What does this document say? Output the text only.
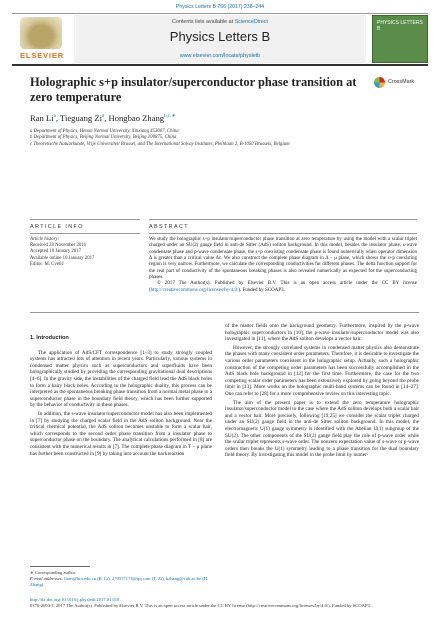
Physics Letters B 766 (2017) 238–244
ELSEVIER
Contents lists available at ScienceDirect
Physics Letters B
www.elsevier.com/locate/physletb
PHYSICS LETTERS B
Holographic s+p insulator/superconductor phase transition at zero temperature
CrossMark
Ran Li$^a$, Tieguang Zi$^a$, Hongbao Zhang$^{b,c,∗}$
a Department of Physics, Henan Normal University, Xinxiang 453007, China
b Department of Physics, Beijing Normal University, Beijing 100875, China
c Theoretische Natuurkunde, Vrije Universiteit Brussel, and The International Solvay Institutes, Pleinlaan 2, B-1050 Brussels, Belgium
ARTICLE INFO	ABSTRACT
Article history:
Received 28 November 2016
Accepted 10 January 2017
Available online 10 January 2017
Editor: M. Cvetič
We study the holographic s+p insulator/superconductor phase transition at zero temperature by using the model with a scalar triplet charged under an SU(2) gauge field in anti-de Sitter (AdS) soliton background. In this model, besides the insulator phase, s-wave condensate phase and p-wave condensate phase, the s+p coexisting condensate phase is found numerically when operator dimension Δ is greater than a critical value Δc. We also construct the complete phase diagram in Δ − μ plane, which shows the s+p coexisting region is very narrow. Furthermore, we calculate the corresponding conductivities for different phases. The delta function support for the real part of conductivity of the spontaneous breaking phases is also revealed numerically as expected for the superconducting phases.
© 2017 The Author(s). Published by Elsevier B.V. This is an open access article under the CC BY license (http://creativecommons.org/licenses/by/4.0/). Funded by SCOAP3.
1. Introduction

The application of AdS/CFT correspondence [1–3] to study strongly coupled systems has attracted lots of attention in recent years. Particularly, various systems in condensed matter physics such as superconductors and superfluids have been holographically studied by providing the corresponding gravitational dual descriptions [4–6]. In the gravity side, the instabilities of the charged field lead the AdS black holes to form a hairy black holes. According to the holographic duality, this process can be interpreted as the spontaneous breaking phase transition from a normal metal phase to a superconductor phase in the boundary field theory, which has been further supported by the behavior of conductivity in these phases.

In addition, the s-wave insulator/superconductor model has also been implemented in [7] by studying the charged scalar field in the AdS soliton background. Near the critical chemical potential, the AdS soliton becomes unstable to form a scalar hair, which corresponds to the second order phase transition from a insulator phase to superconductor phase on the boundary. The analytical calculations performed in [8] are consistent with the numerical results in [7]. The complete phase diagram in T − μ plane has further been constructed in [9] by taking into account the backreaction

of the matter fields onto the background geometry. Furthermore, inspired by the p-wave holographic superconductors in [10], the p-wave insulator/superconductor model was also investigated in [11], where the AdS soliton develops a vector hair.

However, the strongly correlated systems in condensed matter physics also demonstrate the phases with many coexistent order parameters. Therefore, it is desirable to investigate the various order parameters coexistent in the holographic setup. Actually, such a holographic construction of the competing order parameters has been successfully accomplished in the AdS black hole background in [12] for the first time. Furthermore, the case for the two competing scalar order parameters has been extensively explored by going beyond the probe limit in [13]. More works on the holographic multi-band systems can be found in [14–27]. One can refer to [28] for a more comprehensive review on this interesting topic.

The aim of the present paper is to extend the zero temperature holographic insulator/superconductor model to the case where the AdS soliton develops both a scalar hair and a vector hair. More precisely, following [19,25] we consider the scalar triplet charged under an SU(2) gauge field in the anti-de Sitter soliton background. In this model, the electromagnetic U(1) gauge symmetry is identified with the Abelian U(1) subgroup of the SU(2). The other components of the SU(2) gauge field play the role of p-wave order while the scalar triplet represents s-wave order. The nonzero expectation value of s-wave or p-wave orders then breaks the U(1) symmetry leading to a phase transition for the dual boundary field theory. By investigating this model in the probe limit by numer-

∗ Corresponding author.
E-mail addresses: liran@htu.edu.cn (R. Li), 270557174@qq.com (T. Zi), hzhang@vub.ac.be (H. Zhang).
http://dx.doi.org/10.1016/j.physletb.2017.01.018
0370-2693/© 2017 The Author(s). Published by Elsevier B.V. This is an open access article under the CC BY license (http://creativecommons.org/licenses/by/4.0/). Funded by SCOAP3.
